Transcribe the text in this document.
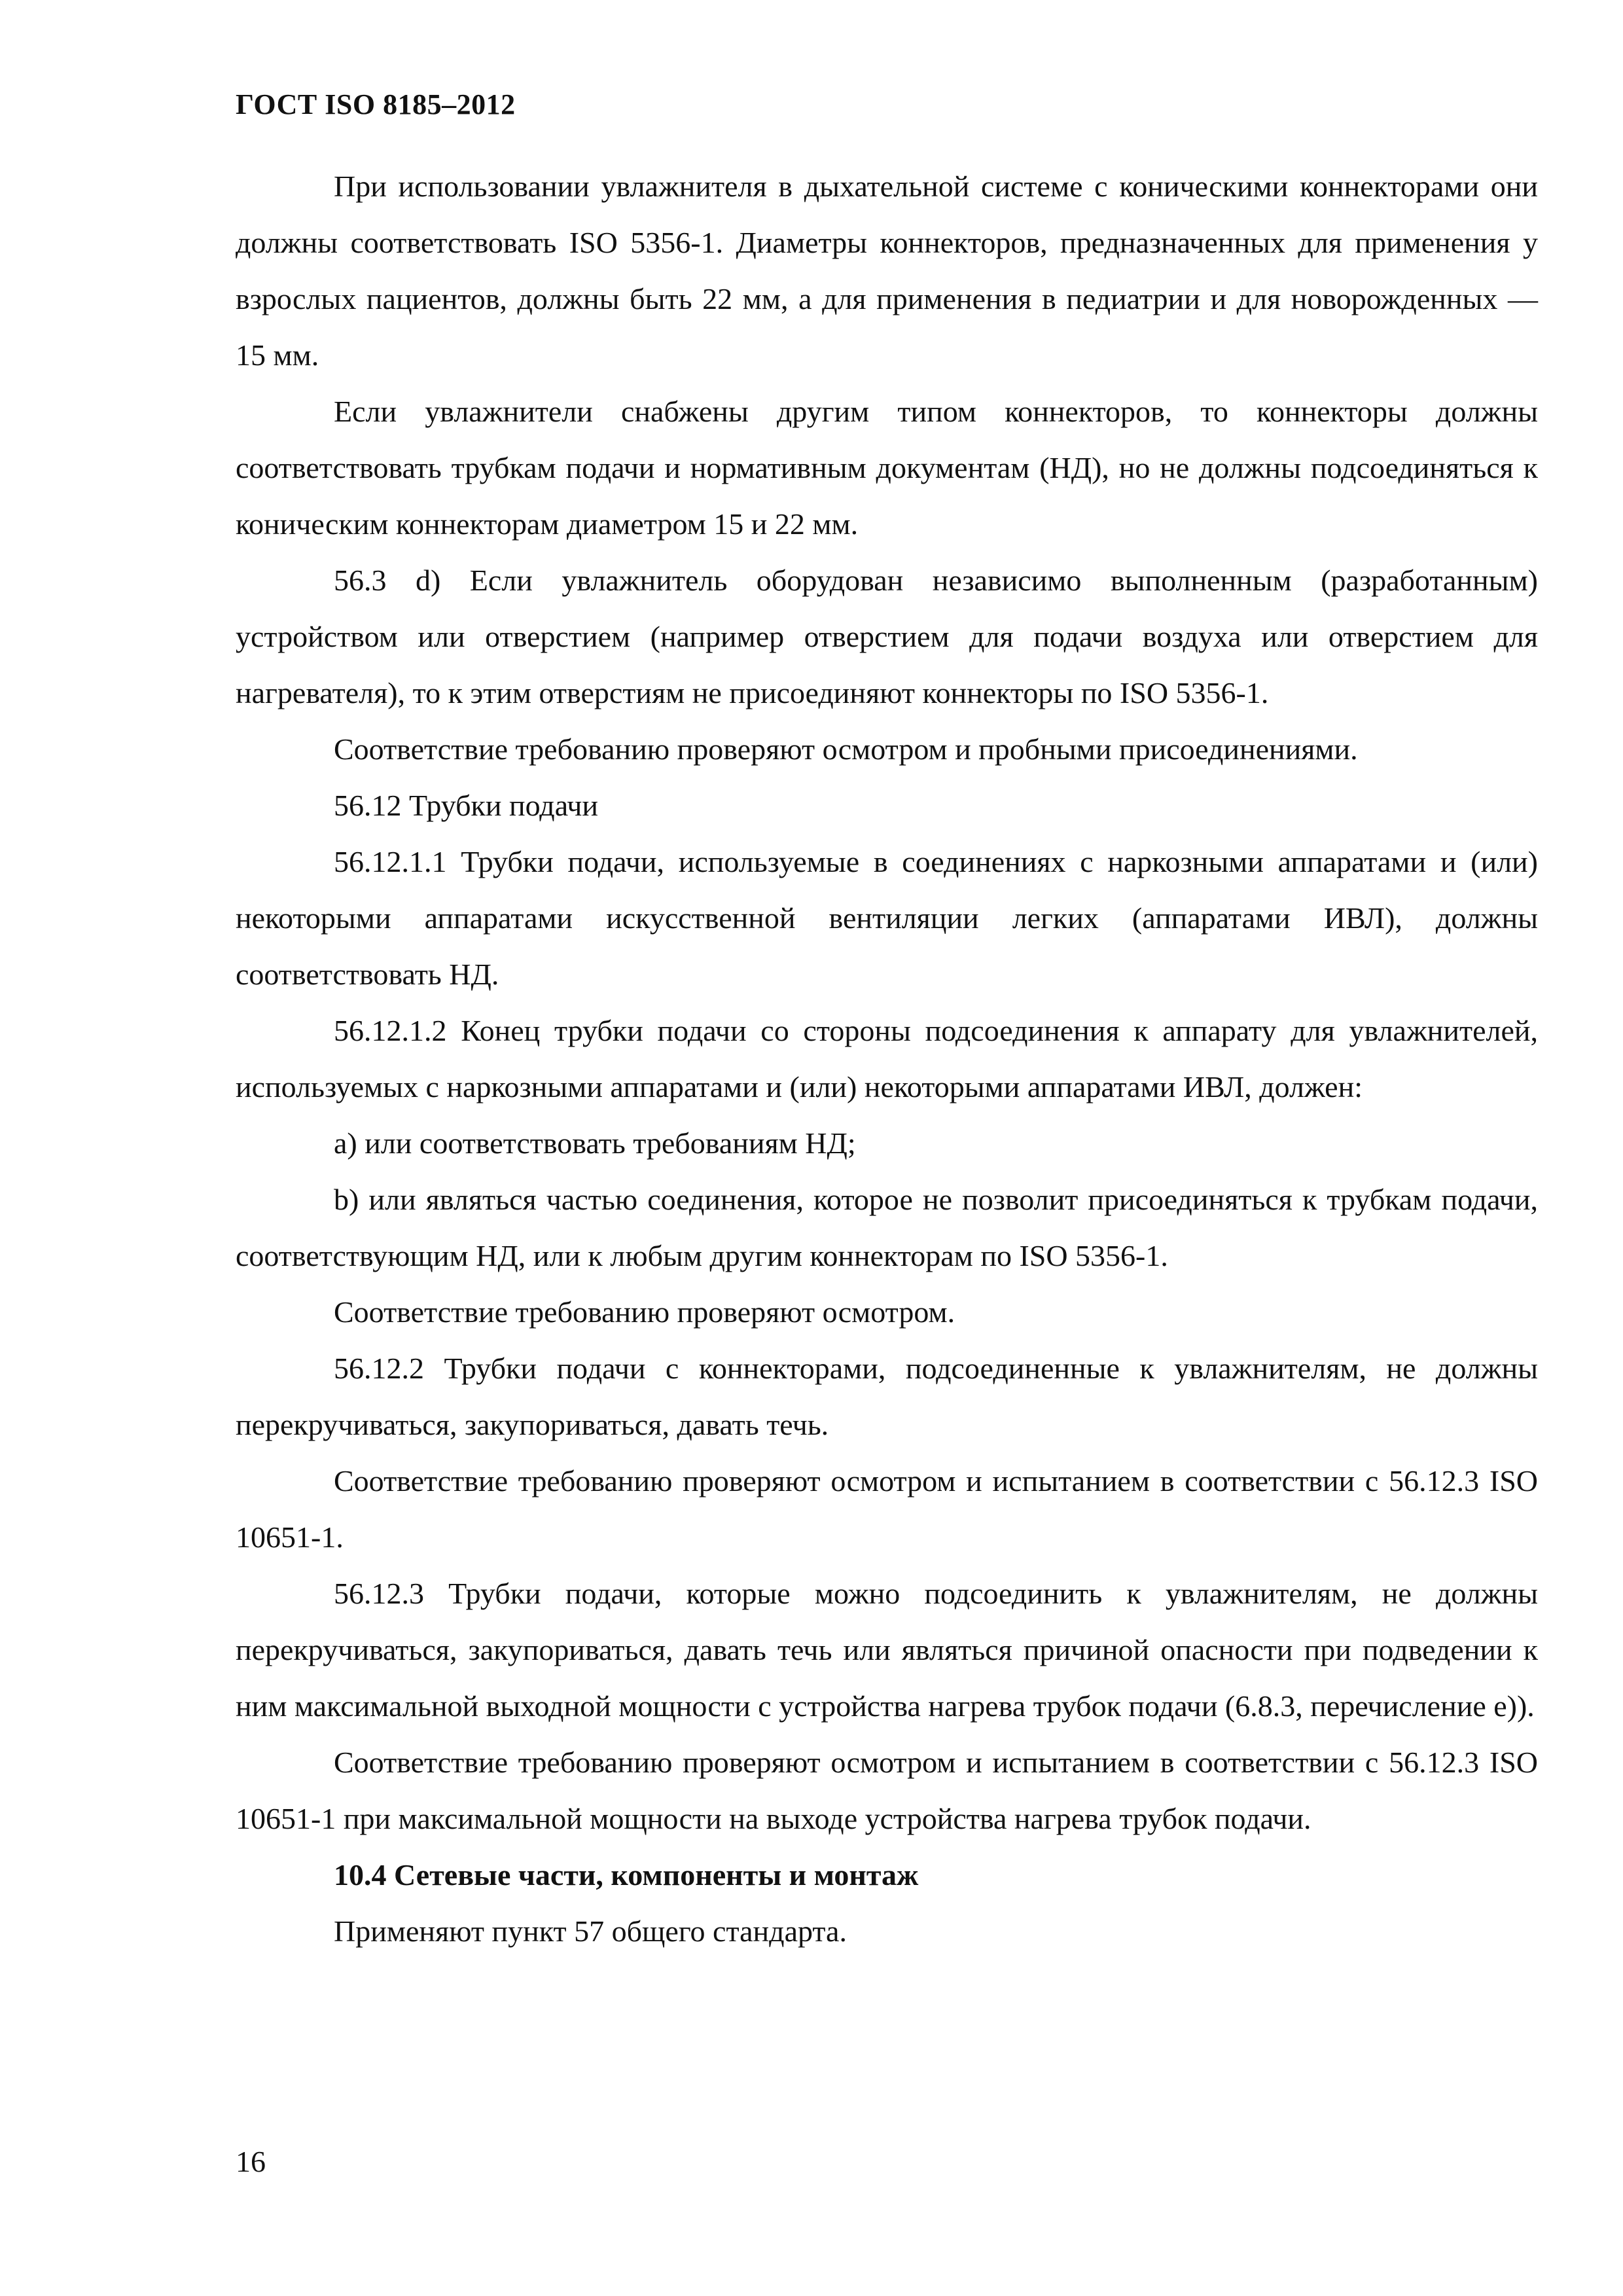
ГОСТ ISO 8185–2012

При использовании увлажнителя в дыхательной системе с коническими коннекторами они должны соответствовать ISO 5356-1. Диаметры коннекторов, предназначенных для применения у взрослых пациентов, должны быть 22 мм, а для применения в педиатрии и для новорожденных — 15 мм.

Если увлажнители снабжены другим типом коннекторов, то коннекторы должны соответствовать трубкам подачи и нормативным документам (НД), но не должны подсоединяться к коническим коннекторам диаметром 15 и 22 мм.

56.3 d) Если увлажнитель оборудован независимо выполненным (разработанным) устройством или отверстием (например отверстием для подачи воздуха или отверстием для нагревателя), то к этим отверстиям не присоединяют коннекторы по ISO 5356-1.

Соответствие требованию проверяют осмотром и пробными присоединениями.

56.12 Трубки подачи

56.12.1.1 Трубки подачи, используемые в соединениях с наркозными аппаратами и (или) некоторыми аппаратами искусственной вентиляции легких (аппаратами ИВЛ), должны соответствовать НД.

56.12.1.2 Конец трубки подачи со стороны подсоединения к аппарату для увлажнителей, используемых с наркозными аппаратами и (или) некоторыми аппаратами ИВЛ, должен:

a) или соответствовать требованиям НД;

b) или являться частью соединения, которое не позволит присоединяться к трубкам подачи, соответствующим НД, или к любым другим коннекторам по ISO 5356-1.

Соответствие требованию проверяют осмотром.

56.12.2 Трубки подачи с коннекторами, подсоединенные к увлажнителям, не должны перекручиваться, закупориваться, давать течь.

Соответствие требованию проверяют осмотром и испытанием в соответствии с 56.12.3 ISO 10651-1.

56.12.3 Трубки подачи, которые можно подсоединить к увлажнителям, не должны перекручиваться, закупориваться, давать течь или являться причиной опасности при подведении к ним максимальной выходной мощности с устройства нагрева трубок подачи (6.8.3, перечисление е)).

Соответствие требованию проверяют осмотром и испытанием в соответствии с 56.12.3 ISO 10651-1 при максимальной мощности на выходе устройства нагрева трубок подачи.

10.4 Сетевые части, компоненты и монтаж

Применяют пункт 57 общего стандарта.

16
